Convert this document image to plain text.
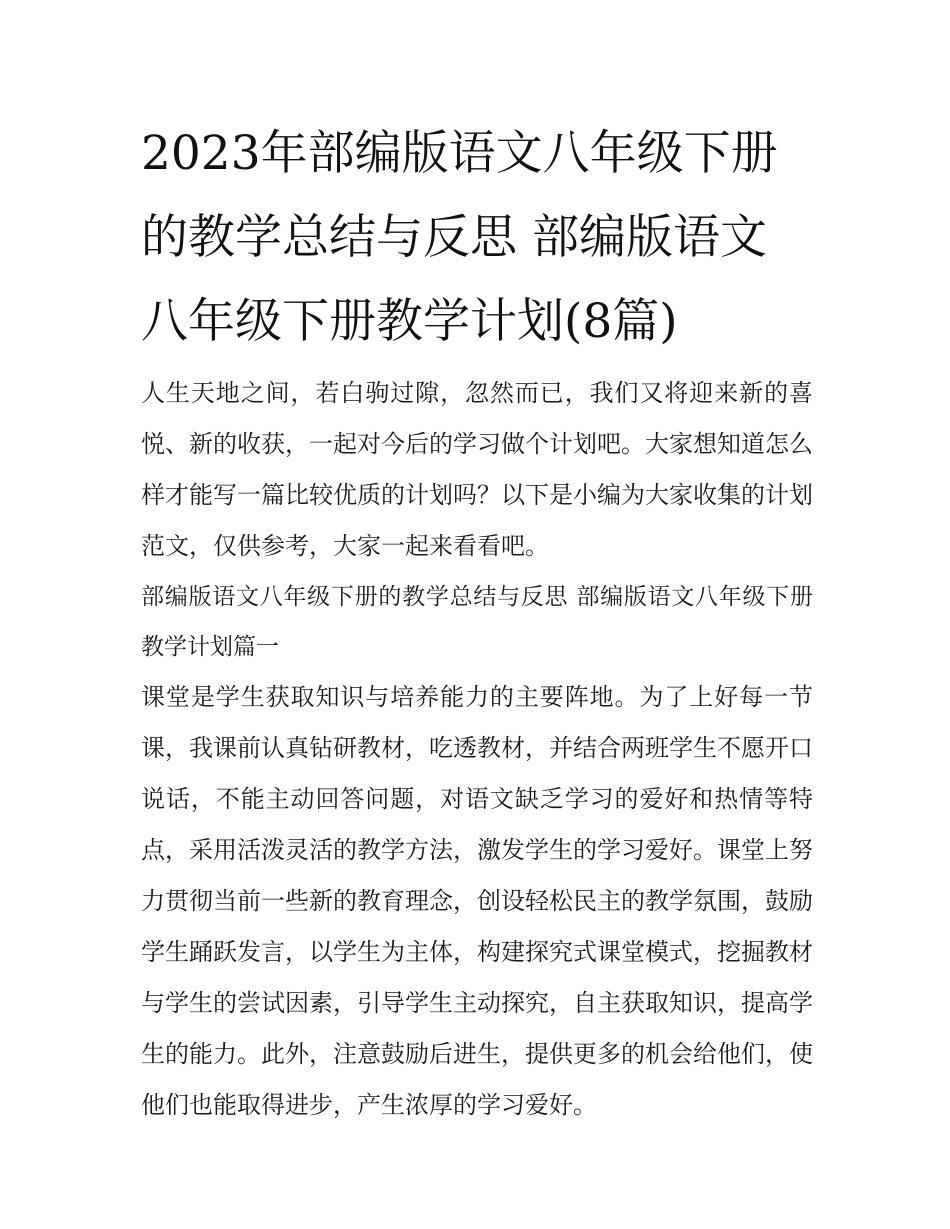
2023年部编版语文八年级下册的教学总结与反思 部编版语文八年级下册教学计划(8篇)

人生天地之间，若白驹过隙，忽然而已，我们又将迎来新的喜悦、新的收获，一起对今后的学习做个计划吧。大家想知道怎么样才能写一篇比较优质的计划吗？以下是小编为大家收集的计划范文，仅供参考，大家一起来看看吧。

部编版语文八年级下册的教学总结与反思 部编版语文八年级下册教学计划篇一

课堂是学生获取知识与培养能力的主要阵地。为了上好每一节课，我课前认真钻研教材，吃透教材，并结合两班学生不愿开口说话，不能主动回答问题，对语文缺乏学习的爱好和热情等特点，采用活泼灵活的教学方法，激发学生的学习爱好。课堂上努力贯彻当前一些新的教育理念，创设轻松民主的教学氛围，鼓励学生踊跃发言，以学生为主体，构建探究式课堂模式，挖掘教材与学生的尝试因素，引导学生主动探究，自主获取知识，提高学生的能力。此外，注意鼓励后进生，提供更多的机会给他们，使他们也能取得进步，产生浓厚的学习爱好。
